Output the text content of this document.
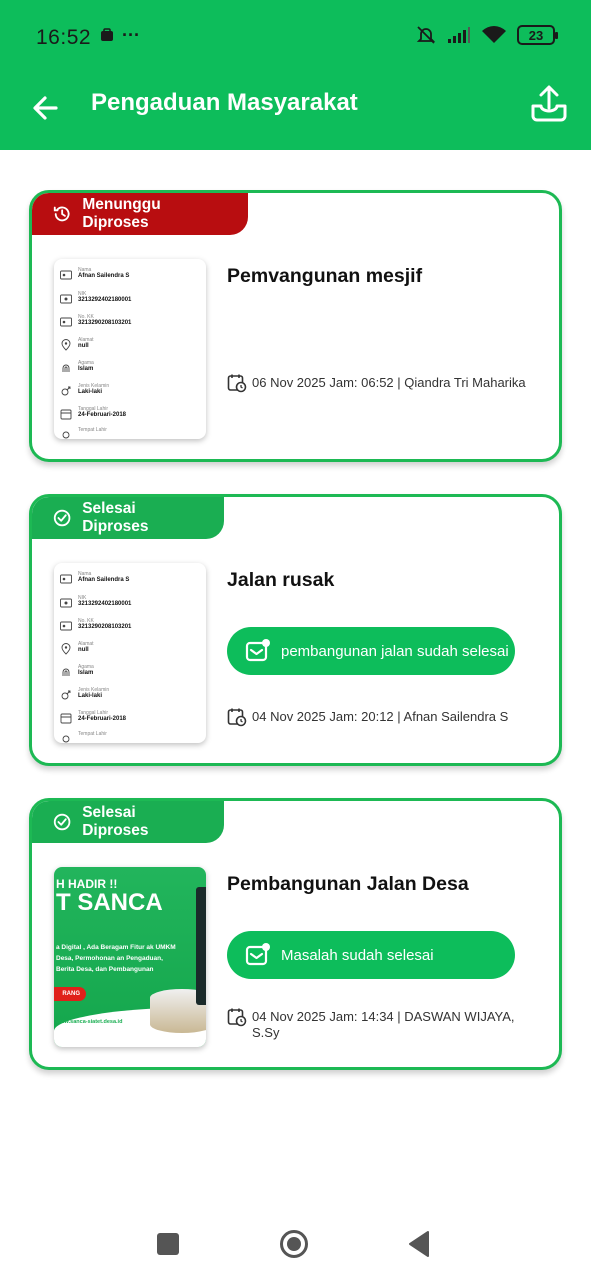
16:52 ···	23
Pengaduan Masyarakat
Menunggu Diproses
Nama
Afnan Sailendra S
NIK
3213292402180001
No. KK
3213290208103201
Alamat
null
Agama
Islam
Jenis Kelamin
Laki-laki
Tanggal Lahir
24-Februari-2018
Tempat Lahir
Pemvangunan mesjif
06 Nov 2025 Jam: 06:52 | Qiandra Tri Maharika
Selesai Diproses
Nama
Afnan Sailendra S
NIK
3213292402180001
No. KK
3213290208103201
Alamat
null
Agama
Islam
Jenis Kelamin
Laki-laki
Tanggal Lahir
24-Februari-2018
Tempat Lahir
Jalan rusak
pembangunan jalan sudah selesai
04 Nov 2025 Jam: 20:12 | Afnan Sailendra S
Selesai Diproses
H HADIR !!
T SANCA
a Digital , Ada Beragam Fitur ak UMKM Desa, Permohonan an Pengaduan, Berita Desa, dan Pembangunan
RANG
www.sanca-siatet.desa.id
Pembangunan Jalan Desa
Masalah sudah selesai
04 Nov 2025 Jam: 14:34 | DASWAN WIJAYA, S.Sy
